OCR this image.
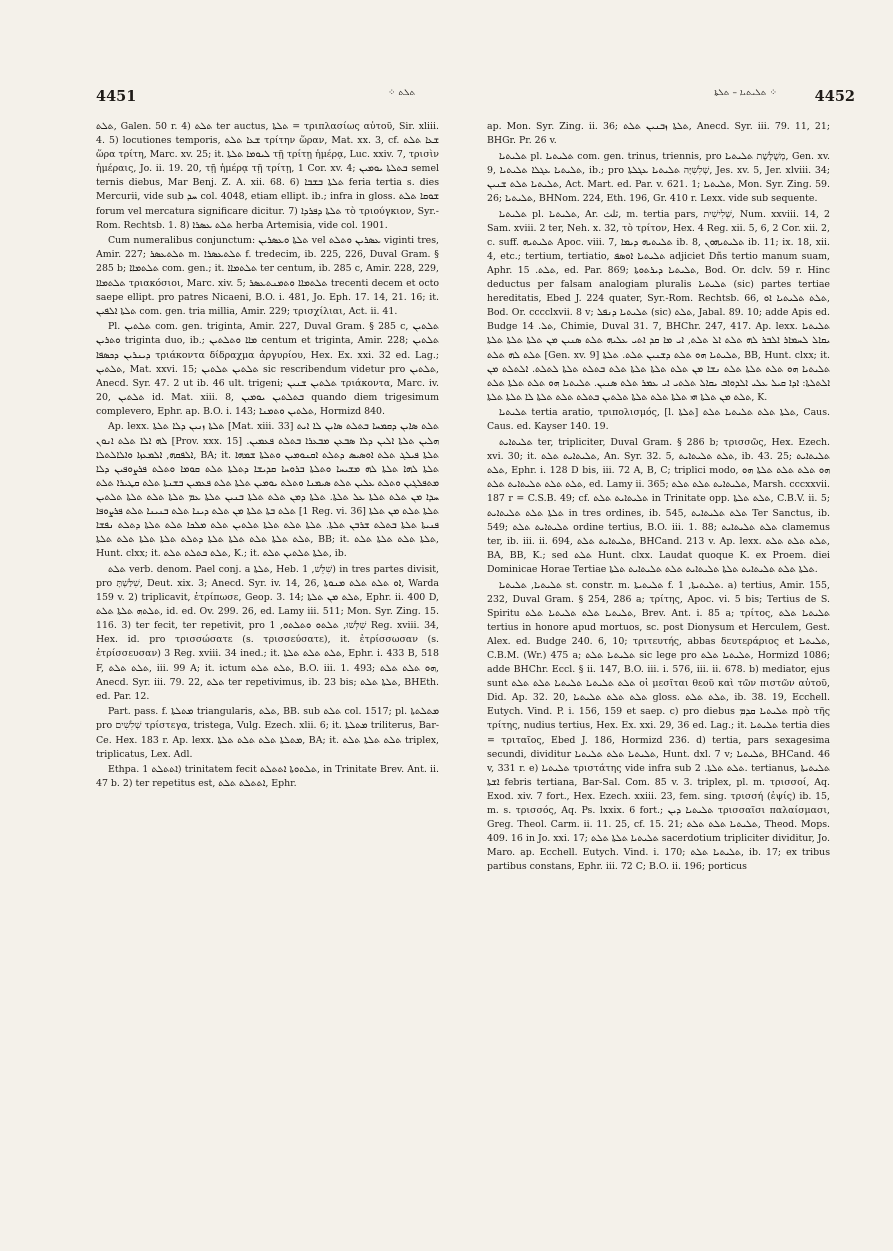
4451	ܬܠܬ ⁘	⁘ ܬܠܝܬܝܐ – ܬܠܬܐ	4452

ܬܠܬ, Galen. 50 r. 4) ܬܠܬ ter auctus, ܬܠܬܐ = τριπλασίως αὐτοῦ, Sir. xliii. 4. 5) locutiones temporis, ܫܥܐ ܬܠܬ τρίτην ὥραν, Mat. xx. 3, cf. ܫܥܐ ܬܠܬ ὥρα τρίτη, Marc. xv. 25; it. ܠܝܘܡܐ ܬܠܬܐ τῇ τρίτῃ ἡμέρᾳ, Luc. xxiv. 7, τρισὶν ἡμέραις, Jo. ii. 19. 20, τῇ ἡμέρᾳ τῇ τρίτῃ, 1 Cor. xv. 4; ܒܬܠܬܐ ܝܘܡܝܢ semel ternis diebus, Mar Benj. Z. A. xii. 68. 6) ܬܠܬܐ ܒܫܒܐ feria tertia s. dies Mercurii, vide sub ܚܕ col. 4048, etiam ellipt. ib.; infra in gloss. ܫܘܩܐ ܬܠܬ forum vel mercatura significare dicitur. 7) ܬܠܬܐ ܕܦܪܕܐ τὸ τριούγκιον, Syr.-Rom. Rechtsb. 1. 8) ܬܠܬ ܥܣܪܐ herba Artemisia, vide col. 1901.

Cum numeralibus conjunctum: ܬܠܬܐ ܘܥܣܪܝܢ vel ܥܣܪܝܢ ܘܬܠܬ viginti tres, Amir. 227; ܬܠܬܥܣܪ m. ܬܠܬܥܣܪܐ f. tredecim, ib. 225, 226, Duval Gram. § 285 b; ܬܠܬܡܐܐ com. gen.; it. ܬܠܬܡܐܐ ter centum, ib. 285 c, Amir. 228, 229, ܬܠܬܡܐܐ τριακόσιοι, Marc. xiv. 5; ܬܠܬܡܐܐ ܘܬܡܢܬܥܣܪ trecenti decem et octo saepe ellipt. pro patres Nicaeni, B.O. i. 481, Jo. Eph. 17. 14, 21. 16; it. ܬܠܬܐ ܐܠܦܝܢ com. gen. tria millia, Amir. 229; τρισχίλιαι, Act. ii. 41.

Pl. ܬܠܬܝܢ com. gen. triginta, Amir. 227, Duval Gram. § 285 c, ܬܠܬܝܢ ܘܬܪܝܢ triginta duo, ib.; ܡܐܐ ܘܬܠܬܝܢ centum et triginta, Amir. 228; ܬܠܬܝܢ ܕܝܢܪܝܢ ܕܟܣܦܐ τριάκοντα δίδραχμα ἀργυρίου, Hex. Ex. xxi. 32 ed. Lag.; ܬܠܬܝܢ, Mat. xxvi. 15; ܬܠܬܝܢ ܬܠܬܝܢ sic rescribendum videtur pro ܬܠܬܝܢ, Anecd. Syr. 47. 2 ut ib. 46 ult. trigeni; ܬܠܬܝܢ ܫܢܝܢ τριάκοντα, Marc. iv. 20, ܬܠܬܝܢ id. Mat. xiii. 8, ܒܬܠܬܝܢ ܝܘܡܝܢ quando diem trigesimum complevero, Ephr. ap. B.O. i. 143; ܬܠܬܝܢ ܘܬܡܢܐ, Hormizd 840.

Ap. lexx. ܬܠܬܐ ܙܢܝܢ ܕܠܐ ܬܠܬܐ [Mat. xiii. 33] ܬܠܬ ܣܐܝܢ ܕܩܡܚܐ ܒܬܠܬ ܣܐܝܢ ܠܐ ܐܝܬ ܠܗ ܐܠܐ ܬܠܬ ܐܢܘܢ [Prov. xxx. 15] ܗܠܝܢ ܬܠܬܐ ܐܠܝܢ ܕܠܐ ܣܒܥܢ ܡܒܥܪܐ ܒܬܠܬ ܦܥܡܝܢ. ܐܠܦܩܗ, ܐܠܡܥܙܐ ܘܐܠܐܠܬܠܐ, BA; it. ܬܠܬܐ ܦܝܠܓ ܬܠܬ ܐܘܣܝܣ ܕܬܠܬ ܐܩܢܘܡܝܢ ܘܬܠܬܐ ܫܡܗܐ ܬܠܬܐ ܠܗܐ ܬܠܬܐ ܠܗ ܡܫܝܚܐ ܘܬܠܬܐ ܒܪܘܚܐ ܩܕܝܫܐ ܕܬܠܬܐ ܬܠܬ ܩܘܡܐ ܘܬܠܬ ܦܪܨܘܦܝܢ ܕܠܐ ܡܬܦܠܓܝܢ ܘܬܠܬ ܥܠܝܢ ܬܠܬ ܣܝܡܢܐ ܘܬܠܬ ܝܘܡܝܢ ܬܠܬܐ ܬܠܬ ܦܥܡܝܢ ܒܫܢܬܐ ܬܠܬ ܩܛܝܪܐ ܬܠܬ ܚܕܐ ܡܢ ܬܠܬ ܬܠܬܐ ܥܠ ܬܠܬܐ. ܬܠܬܐ ܕܡܢ ܬܠܬ ܬܠܬܐ ܒܢܝܢ ܬܠܬܐ ܥܡ ܬܠܬܐ ܬܠܬ ܬܠܬܐ ܬܠܬܝܢ ܬܠܬ ܒܬܐ ܬܠܬܐ ܡܢ ܬܠܬ ܕܝܢܐ ܬܠܬ ܒܢܝܢܐ ܬܠܬ ܦܪܨܘܦܐ [1 Reg. vi. 36] ܬܠܬܐ ܬܠܬ ܡܢ ܬܠܬܐ ܦܢܝܬܐ ܬܠܬܐ ܒܬܠܬ ܫܪܒܢ ܬܠܬܐ. ܬܠܬܐ ܬܠܬ ܬܠܬܐ ܬܠܬܝܢ ܬܠܬ ܡܠܟܐ ܬܠܬ ܬܠܬܐ ܕܬܠܬ ܢܦܫܐ ܬܠܬ ܬܠܬܐ ܬܠܬ ܬܠܬܐ ܬܠܬܐ ܕܬܠܬ ܬܠܬܐ ܬܠܬܐ ܬܠܬ ܬܠܬܐ, BB; it. ܬܠܬܐ ܬܠܬ ܬܠܬܐ ܬܠܬ, Hunt. clxx; it. ܬܠܬ ܒܬܠܬ ܬܠܬ, K.; it. ܬܠܬܐ ܬܠܬܝܢ ܬܠܬ, ib.

ܬܠܬ verb. denom. Pael conj. a ܬܠܬܐ, Heb. שִׁלֵּשׁ, 1) in tres partes divisit, pro שִׁלַּשְׁתָּ, Deut. xix. 3; Anecd. Syr. iv. 14, 26, ܐܘ ܬܠܬ ܬܠܬ ܡܢܘܬܐ, Warda 159 v. 2) triplicavit, ἐτρίπωσε, Geop. 3. 14; ܬܠܬ ܡܢ ܬܠܬܐ, Ephr. ii. 400 D, ܬܠܬܗ ܬܠܬܐ ܬܠܬ, id. ed. Ov. 299. 26, ed. Lamy iii. 511; Mon. Syr. Zing. 15. 116. 3) ter fecit, ter repetivit, pro שִׁלְּשׁוּ, ܬܠܬܘ ܘܬܠܬܘ, 1 Reg. xviii. 34, Hex. id. pro τρισσώσατε (s. τρισσεύσατε), it. ἐτρίσσωσαν (s. ἐτρίσσευσαν) 3 Reg. xviii. 34 ined.; it. ܬܠܬ ܬܠܬ ܬܠܬܐ, Ephr. i. 433 B, 518 F, ܬܠܬ ܬܠܬ, iii. 99 A; it. ictum ܬܠܬ ܬܠܬ, B.O. iii. 1. 493; ܗܘ ܬܠܬ ܬܠܬ, Anecd. Syr. iii. 79. 22, ܬܠܬ ter repetivimus, ib. 23 bis; ܬܠܬܐ ܬܠܬ, BHEth. ed. Par. 12.

Part. pass. f. ܡܬܠܬܐ triangularis, ܬܠܬ, BB. sub ܬܠܬ col. 1517; pl. ܡܬܠܬܬܐ pro שְׁלִשִׁים τρίστεγα, tristega, Vulg. Ezech. xlii. 6; it. ܡܬܠܬܐ triliterus, Bar-Ce. Hex. 183 r. Ap. lexx. ܡܬܠܬܐ ܬܠܬ ܬܠܬ ܬܠܬܐ, BA; it. ܬܠܬ ܬܠܬܐ ܬܠܬ triplex, triplicatus, Lex. Adl.

Ethpa. ܐܬܬܠܬ 1) trinitatem fecit ܬܠܬܘܬܐ ܐܬܬܠܬ, in Trinitate Brev. Ant. ii. 47 b. 2) ter repetitus est, ܐܬܬܠܬ ܬܠܬ, Ephr.

ap. Mon. Syr. Zing. ii. 36; ܬܠܬܐ ܙܒܢܝܢ ܬܠܬ, Anecd. Syr. iii. 79. 11, 21; BHGr. Pr. 26 v.

ܬܠܝܬܝܐ pl. ܬܠܝܬܝܐ com. gen. trinus, triennis, pro מְשֻׁלֶּשֶׁת ܬܠܝܬܝܐ, Gen. xv. 9, ܬܠܝܬܝܐ ܥܓܠܐ ܬܠܝܬܝܐ, ib.; pro שְׁלִשִׁיָּה ܬܠܝܬܝܐ ܥܓܠܬܐ, Jes. xv. 5, Jer. xlviii. 34; ܬܠܝܬܝܐ ܬܠܬ ܫܢܝܢ, Act. Mart. ed. Par. v. 621. 1; ܬܠܝܬܝܐ, Mon. Syr. Zing. 59. 26; ܬܠܝܬܝܐ, BHNom. 224, Eth. 196, Gr. 410 r. Lexx. vide sub sequente.

ܬܠܝܬܝܐ pl. ܬܠܝܬܝܐ, Ar. ثلث, m. tertia pars, שְׁלִישִׁית, Num. xxviii. 14, 2 Sam. xviii. 2 ter, Neh. x. 32, τὸ τρίτον, Hex. 4 Reg. xii. 5, 6, 2 Cor. xii. 2, c. suff. ܬܠܝܬܝܗ Apoc. viii. 7, ܬܠܝܬܝܗ ܕܝܡܐ ib. 8, ܬܠܝܬܝܗܘܢ ib. 11; ix. 18, xii. 4, etc.; tertium, tertiatio, ܬܠܝܬܝܐ ܐܘܣܦ adjiciet Dñs tertio manum suam, Aphr. ܬܠܬ. 15, ed. Par. 869; ܬܠܝܬܝܐ ܕܝܪܬܘܬܐ, Bod. Or. dclv. 59 r. Hinc deductus per falsam analogiam pluralis ܬܠܝܬܝܐ (sic) partes tertiae hereditatis, Ebed J. 224 quater, Syr.-Rom. Rechtsb. 66, ܬܠܬ ܬܠܝܬܝܐ ܐܘ, Bod. Or. cccclxvii. 8 v; ܬܠܝܬܝܐ ܕܢܦܠ (sic) ܬܠܬ, Jabal. 89. 10; adde Apis ed. Budge ܬܠ. 14, Chimie, Duval 31. 7, BHChr. 247, 417. Ap. lexx. ܬܠܝܬܝܐ ܝܩܐܠ ܠܚܡܐܪ ܐܠܒܪ ܠܗ ܬܠܬ ܐܠ ܬܠܬ, ܐܝ ܡܐ ܩܕ ܐܬܝ ܥܠܝܗ ܬܠܬ ܣܢܝܢ ܡܢ ܬܠܬܐ ܬܠܬܐ ܬܠܬܐ ܬܠܬ ܠܗ ܬܠܬ [Gen. xv. 9] ܬܠܝܬܝܐ ܗܘ ܬܠܬ ܕܫܢܝܢ ܬܠܬ. ܬܠܬܐ, BB, Hunt. clxx; it. ܬܠܝܬܝܐ ܗܘ ܬܠܬ ܬܠܬܐ ܬܠܬ ܢܫܐ ܡܢ ܬܠܬ ܬܠܬܐ ܬܠܬܐ ܬܠܬ ܒܬܠܬ ܬܠܬܐ ܠܬܠܬ. ܐܠܬܠܬ ܡܢ ܐܠܬܠܬܐ: ܐܕܐ ܩܝܠ ܥܠܝ ܐܠܕܘܐܒ ܝܩܐܠ ܬܠܬܝ ܐܝ ܥܡܪ ܬܠܬ ܣܢܝܢ. ܬܠܝܬܝܐ ܗܘ ܬܠܬ ܬܠܬܐ ܬܠܬ ܬܠܬ ܡܢ ܬܠܬܐ ܗܝ ܬܠܬܐ ܬܠܬ ܬܠܬܐ ܬܠܬܝܢ ܒܬܠܬ ܬܠܬ ܬܠܬܐ ܠܐ ܬܠܬܐ ܬܠܬܐ, K.

ܬܠܝܬܝܐ tertia aratio, τριπολισμός, [l. ܬܠܬܐ] ܬܠܬܐ ܬܠܬ ܬܠܝܬܝܐ ܬܠܬ, Caus. Caus. ed. Kayser 140. 19.

ܬܠܝܬܐܝܬ ter, tripliciter, Duval Gram. § 286 b; τρισσῶς, Hex. Ezech. xvi. 30; it. ܬܠܝܬܐܝܬ ܬܠܬ, An. Syr. 32. 5, ܬܠܬ ܬܠܝܬܐܝܬ, ib. 43. 25; ܬܠܝܬܐܝܬ ܬܠܬ, Ephr. i. 128 D bis, iii. 72 A, B, C; triplici modo, ܗܘ ܬܠܬ ܬܠܬ ܬܠܬܐ ܗܘ ܬܠܬ ܬܠܬ ܬܠܝܬܐܝܬ ܬܠܬ, ed. Lamy ii. 365; ܬܠܝܬܐܝܬ ܬܠܬ ܬܠܬ, Marsh. cccxxvii. 187 r = C.S.B. 49; cf. ܬܠܝܬܐܝܬ ܬܠܬ in Trinitate opp. ܬܠܬ ܬܠܬܐ, C.B.V. ii. 5; ܬܠܬܐ ܬܠܬ ܬܠܝܬܐܝܬ in tres ordines, ib. 545, ܬܠܬ ܬܠܝܬܐܝܬ Ter Sanctus, ib. 549; ܬܠܝܬܐܝܬ ܬܠܬ ordine tertius, B.O. iii. 1. 88; ܬܠܬ ܬܠܝܬܐܝܬ clamemus ter, ib. iii. ii. 694, ܬܠܝܬܐܝܬ ܬܠܬ, BHCand. 213 v. Ap. lexx. ܬܠܬ ܬܠܬ ܬܠܬ, BA, BB, K.; sed ܬܠܬ Hunt. clxx. Laudat quoque K. ex Proem. diei Dominicae Horae Tertiae ܬܠܬܐ ܬܠܬ ܬܠܝܬܐܝܬ ܬܠܬܐ ܬܠܝܬܐܝܬ ܬܠܬ ܬܠܝܬܐܝܬ ܬܠܬܐ.

ܬܠܝܬܝܐ, ܬܠܝܬܝܐ st. constr. m. ܬܠܝܬܝܬܐ f. ܬܠܝܬܝܬܐ, 1. a) tertius, Amir. 155, 232, Duval Gram. § 254, 286 a; τρίτης, Apoc. vi. 5 bis; Tertius de S. Spiritu ܬܠܝܬܝܐ ܬܠܬ ܬܠܝܬܝܐ ܬܠܬ, Brev. Ant. i. 85 a; τρίτος, ܬܠܝܬܝܐ ܬܠܬ tertius in honore apud mortuos, sc. post Dionysum et Herculem, Gest. Alex. ed. Budge 240. 6, 10; τριτευτής, abbas δευτεράριος et ܬܠܝܬܝܐ, C.B.M. (Wr.) 475 a; ܬܠܝܬܝܐ ܬܠܬ sic lege pro ܬܠܝܬܝܐ ܬܠܬ, Hormizd 1086; adde BHChr. Eccl. § ii. 147, B.O. iii. i. 576, iii. ii. 678. b) mediator, ejus sunt ܬܠܬ ܬܠܝܬܝܐ ܬܠܝܬܝܐ ܬܠܬ ܬܠܬ οἱ μεσῖται θεοῦ καὶ τῶν πιστῶν αὐτοῦ, Did. Ap. 32. 20, ܬܠܬ ܬܠܬ ܬܠܝܬܝܐ gloss. ܬܠܬ ܬܠܬ, ib. 38. 19, Ecchell. Eutych. Vind. P. i. 156, 159 et saep. c) pro diebus ܬܠܝܬܝܐ ܩܕܡ πρὸ τῆς τρίτης, nudius tertius, Hex. Ex. xxi. 29, 36 ed. Lag.; it. ܬܠܝܬܝܐ tertia dies = τριταῖος, Ebed J. 186, Hormizd 236. d) tertia, pars sexagesima secundi, dividitur ܬܠܝܬܝܐ ܬܠܬ ܬܠܝܬܝܐ, Hunt. dxl. 7 v; ܬܠܝܬܝܐ, BHCand. 46 v, 331 r. e) ܬܠܝܬܝܐ τριστάτης vide infra sub ܬܠܬ ܬܠܬܐ. 2. tertianus, ܬܠܝܬܝܬܐ ܐܫܬܐ febris tertiana, Bar-Sal. Com. 85 v. 3. triplex, pl. m. τρισσοί, Aq. Exod. xiv. 7 fort., Hex. Ezech. xxiii. 23, fem. sing. τρισσή (ἐψίς) ib. 15, m. s. τρισσός, Aq. Ps. lxxix. 6 fort.; ܬܠܝܬܝܐ ܕܝܢ τρισσαῖσι παλαίσμασι, Greg. Theol. Carm. ii. 11. 25, cf. 15. 21; ܬܠܝܬܝܐ ܬܠܬ ܬܠܬ, Theod. Mops. 409. 16 in Jo. xxi. 17; ܬܠܝܬܝܐ ܬܠܬܐ ܬܠܬ sacerdotium tripliciter dividitur, Jo. Maro. ap. Ecchell. Eutych. Vind. i. 170; ܬܠܝܬܝܐ ܬܠܬ, ib. 17; ex tribus partibus constans, Ephr. iii. 72 C; B.O. ii. 196; porticus
